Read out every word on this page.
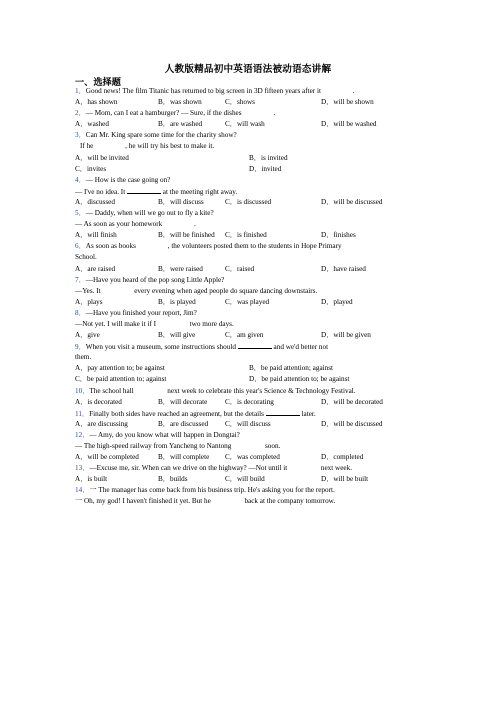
人教版精品初中英语语法被动语态讲解
一、选择题
1．Good news! The film Titanic has returned to big screen in 3D fifteen years after it	.
A．has shown	B．was shown	C．shows	D．will be shown
2．— Mom, can I eat a hamburger? — Sure, if the dishes	.
A．washed	B．are washed	C．will wash	D．will be washed
3．Can Mr. King spare some time for the charity show?
If he	, he will try his best to make it.
A．will be invited	B．is invited
C．invites	D．invited
4．— How is the case going on?
— I've no idea. It	at the meeting right away.
A．discussed	B．will discuss	C．is discussed	D．will be discussed
5．— Daddy, when will we go out to fly a kite?
— As soon as your homework	.
A．will finish	B．will be finished	C．is finished	D．finishes
6．As soon as books	, the volunteers posted them to the students in Hope Primary
School.
A．are raised	B．were raised	C．raised	D．have raised
7．—Have you heard of the pop song Little Apple?
—Yes. It	every evening when aged people do square dancing downstairs.
A．plays	B．is played	C．was played	D．played
8．—Have you finished your report, Jim?
—Not yet. I will make it if I	two more days.
A．give	B．will give	C．am given	D．will be given
9．When you visit a museum, some instructions should	and we'd better not
them.
A．pay attention to; be against	B．be paid attention; against
C．be paid attention to; against	D．be paid attention to; be against
10．The school hall	next week to celebrate this year's Science & Technology Festival.
A．is decorated	B．will decorate	C．is decorating	D．will be decorated
11．Finally both sides have reached an agreement, but the details	later.
A．are discussing	B．are discussed	C．will discuss	D．will be discussed
12．— Amy, do you know what will happen in Dongtai?
— The high-speed railway from Yancheng to Nantong	soon.
A．will be completed	B．will complete	C．was completed	D．completed
13．—Excuse me, sir. When can we drive on the highway? —Not until it	next week.
A．is built	B．builds	C．will build	D．will be built
14．一 The manager has come back from his business trip. He's asking you for the report.
一 Oh, my god! I haven't finished it yet. But he	back at the company tomorrow.
